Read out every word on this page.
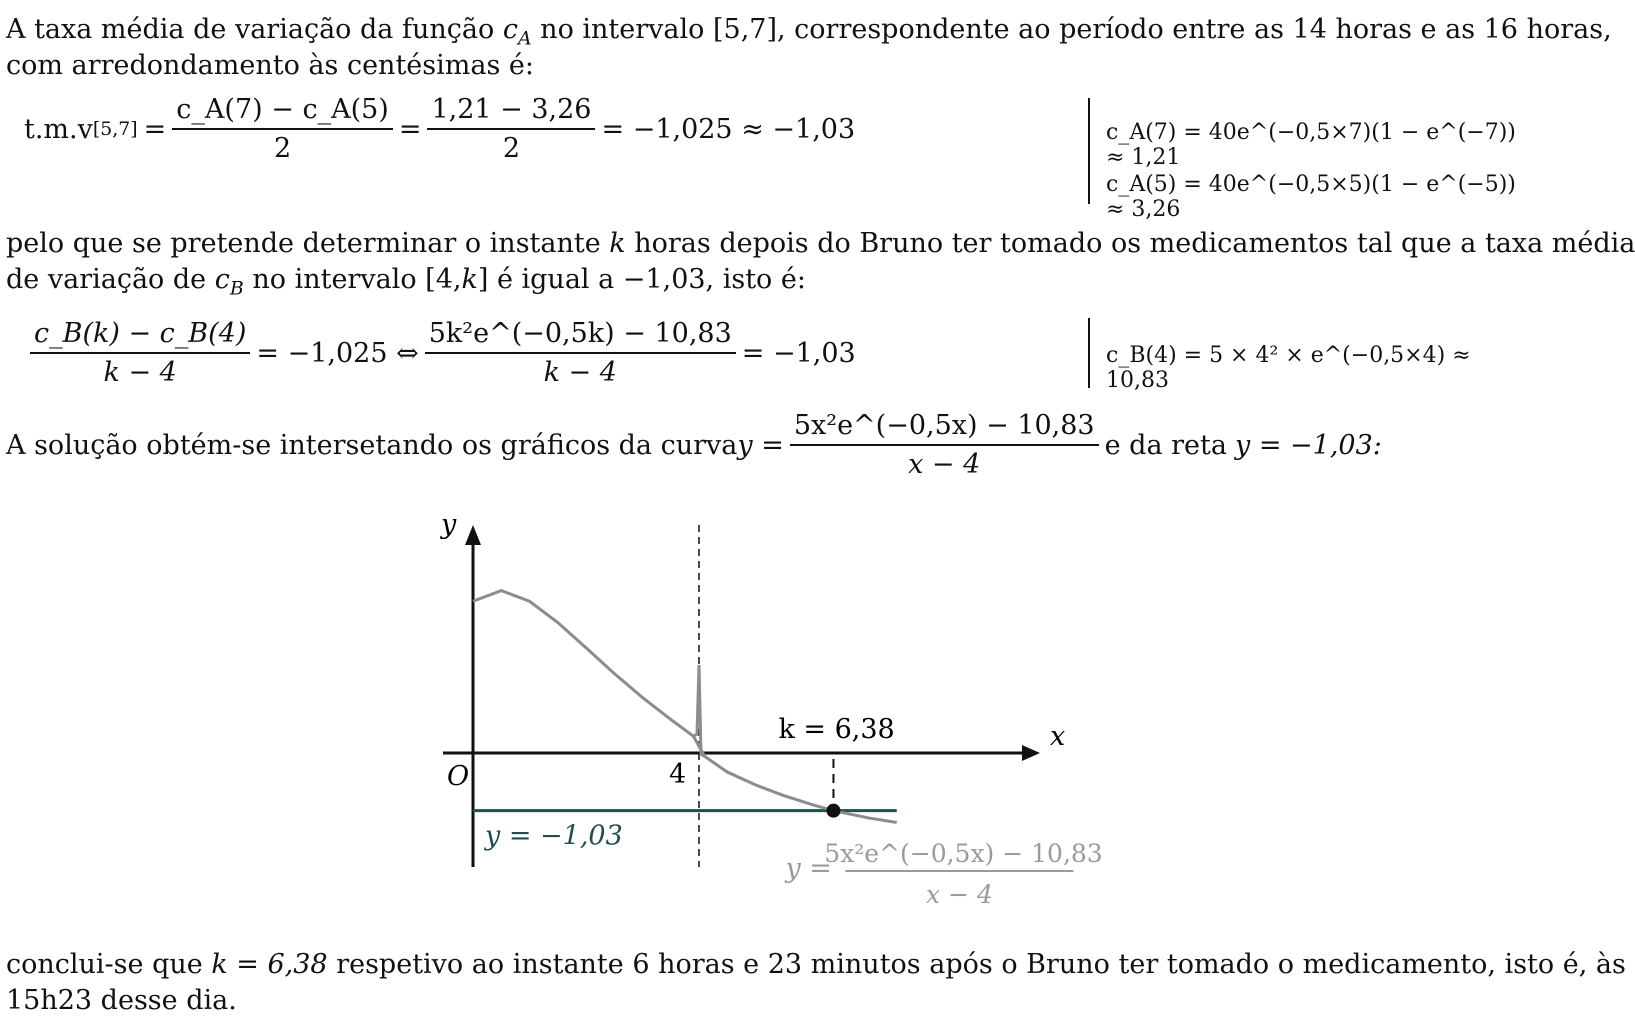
A taxa média de variação da função $c_A$ no intervalo [5,7], correspondente ao período entre as 14 horas e as 16 horas,
com arredondamento às centésimas é:
t.m.v $[5,7] = \frac{c\_A(7) - c\_A(5)}{2} = \frac{1,21 - 3,26}{2} = -1,025 \approx -1,03$	c_A(7) = 40e^(−0,5×7)(1 − e^(−7)) ≈ 1,21
c_A(5) = 40e^(−0,5×5)(1 − e^(−5)) ≈ 3,26
pelo que se pretende determinar o instante k horas depois do Bruno ter tomado os medicamentos tal que a taxa média
de variação de $c_B$ no intervalo [4,k] é igual a −1,03, isto é:
$\frac{c\_B(k) - c\_B(4)}{k - 4} = -1,025$ ⇔ $\frac{\text{5k²e\textasciicircum{}(−0,5k) − 10,83}}{k - 4} = -1,03$	c_B(4) = 5 × 4² × e^(−0,5×4) ≈ 10,83
A solução obtém-se intersetando os gráficos da curva $y = \frac{\text{5x²e\textasciicircum{}(−0,5x) − 10,83}}{x - 4}$ e da reta y = −1,03:
x
y
O	4
k = 6,38
y = −1,03
y =
5x²e^(−0,5x) − 10,83
x − 4
conclui-se que k = 6,38 respetivo ao instante 6 horas e 23 minutos após o Bruno ter tomado o medicamento, isto é, às
15h23 desse dia.
